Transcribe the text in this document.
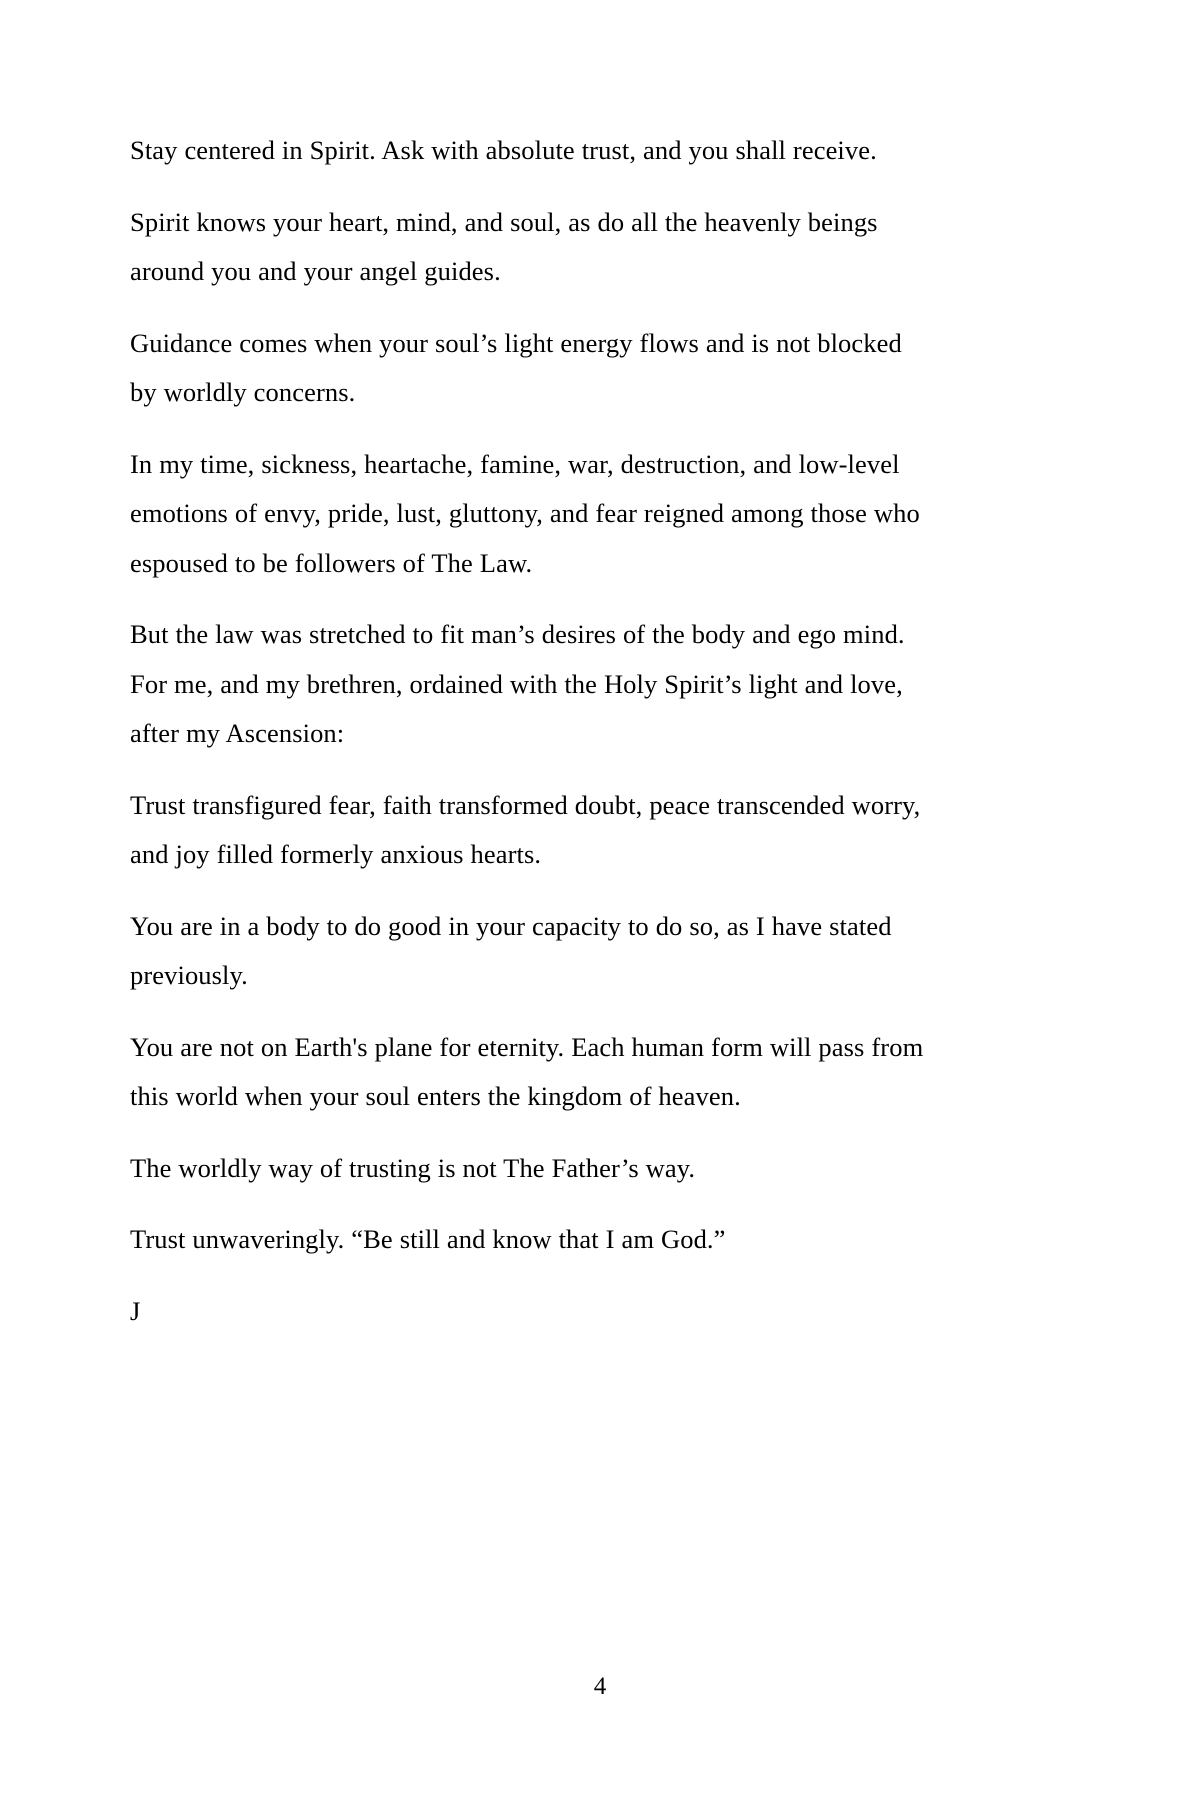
Stay centered in Spirit. Ask with absolute trust, and you shall receive.

Spirit knows your heart, mind, and soul, as do all the heavenly beings around you and your angel guides.

Guidance comes when your soul’s light energy flows and is not blocked by worldly concerns.

In my time, sickness, heartache, famine, war, destruction, and low-level emotions of envy, pride, lust, gluttony, and fear reigned among those who espoused to be followers of The Law.

But the law was stretched to fit man’s desires of the body and ego mind. For me, and my brethren, ordained with the Holy Spirit’s light and love, after my Ascension:

Trust transfigured fear, faith transformed doubt, peace transcended worry, and joy filled formerly anxious hearts.

You are in a body to do good in your capacity to do so, as I have stated previously.

You are not on Earth's plane for eternity. Each human form will pass from this world when your soul enters the kingdom of heaven.

The worldly way of trusting is not The Father’s way.

Trust unwaveringly. “Be still and know that I am God.”

J

4
